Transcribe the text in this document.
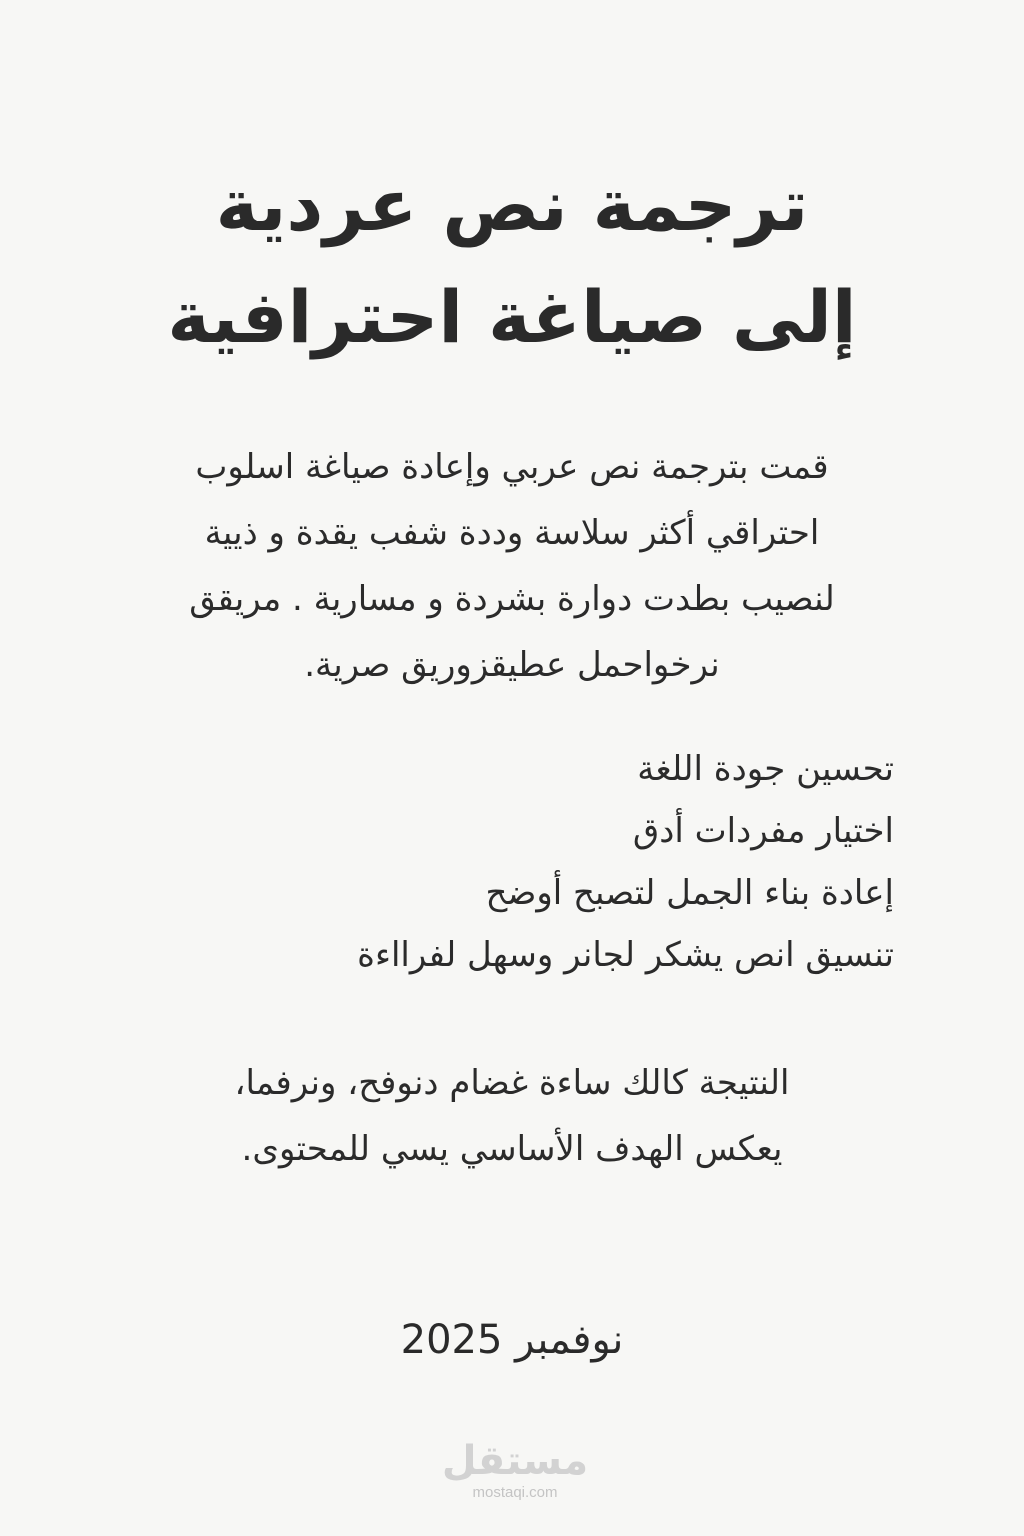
ترجمة نص عردية
إلى صياغة احترافية
قمت بترجمة نص عربي وإعادة صياغة اسلوب
احتراقي أكثر سلاسة وددة شفب يقدة و ذيية
لنصيب بطدت دوارة بشردة و مسارية . مريقق
نرخواحمل عطيقزوريق صرية.
تحسين جودة اللغة
اختيار مفردات أدق
إعادة بناء الجمل لتصبح أوضح
تنسيق انص يشكر لجانر وسهل لفرااءة
النتيجة كالك ساءة غضام دنوفح، ونرفما،
يعكس الهدف الأساسي يسي للمحتوى.
نوفمبر 2025
مستقل
mostaqi.com
